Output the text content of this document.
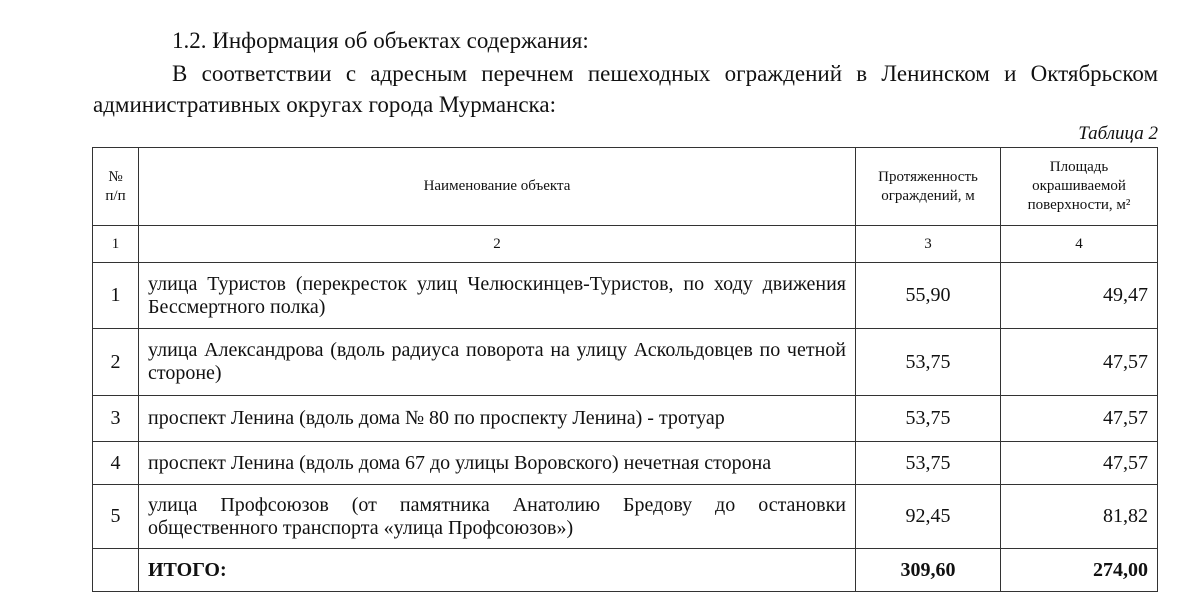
1.2. Информация об объектах содержания:
В соответствии с адресным перечнем пешеходных ограждений в Ленинском и Октябрьском административных округах города Мурманска:
Таблица 2
№ п/п	Наименование объекта	Протяженность ограждений, м	Площадь окрашиваемой поверхности, м²
1	2	3	4
1	улица Туристов (перекресток улиц Челюскинцев-Туристов, по ходу движения Бессмертного полка)	55,90	49,47
2	улица Александрова (вдоль радиуса поворота на улицу Аскольдовцев по четной стороне)	53,75	47,57
3	проспект Ленина (вдоль дома № 80 по проспекту Ленина) - тротуар	53,75	47,57
4	проспект Ленина (вдоль дома 67 до улицы Воровского) нечетная сторона	53,75	47,57
5	улица Профсоюзов (от памятника Анатолию Бредову до остановки общественного транспорта «улица Профсоюзов»)	92,45	81,82
	ИТОГО:	309,60	274,00
